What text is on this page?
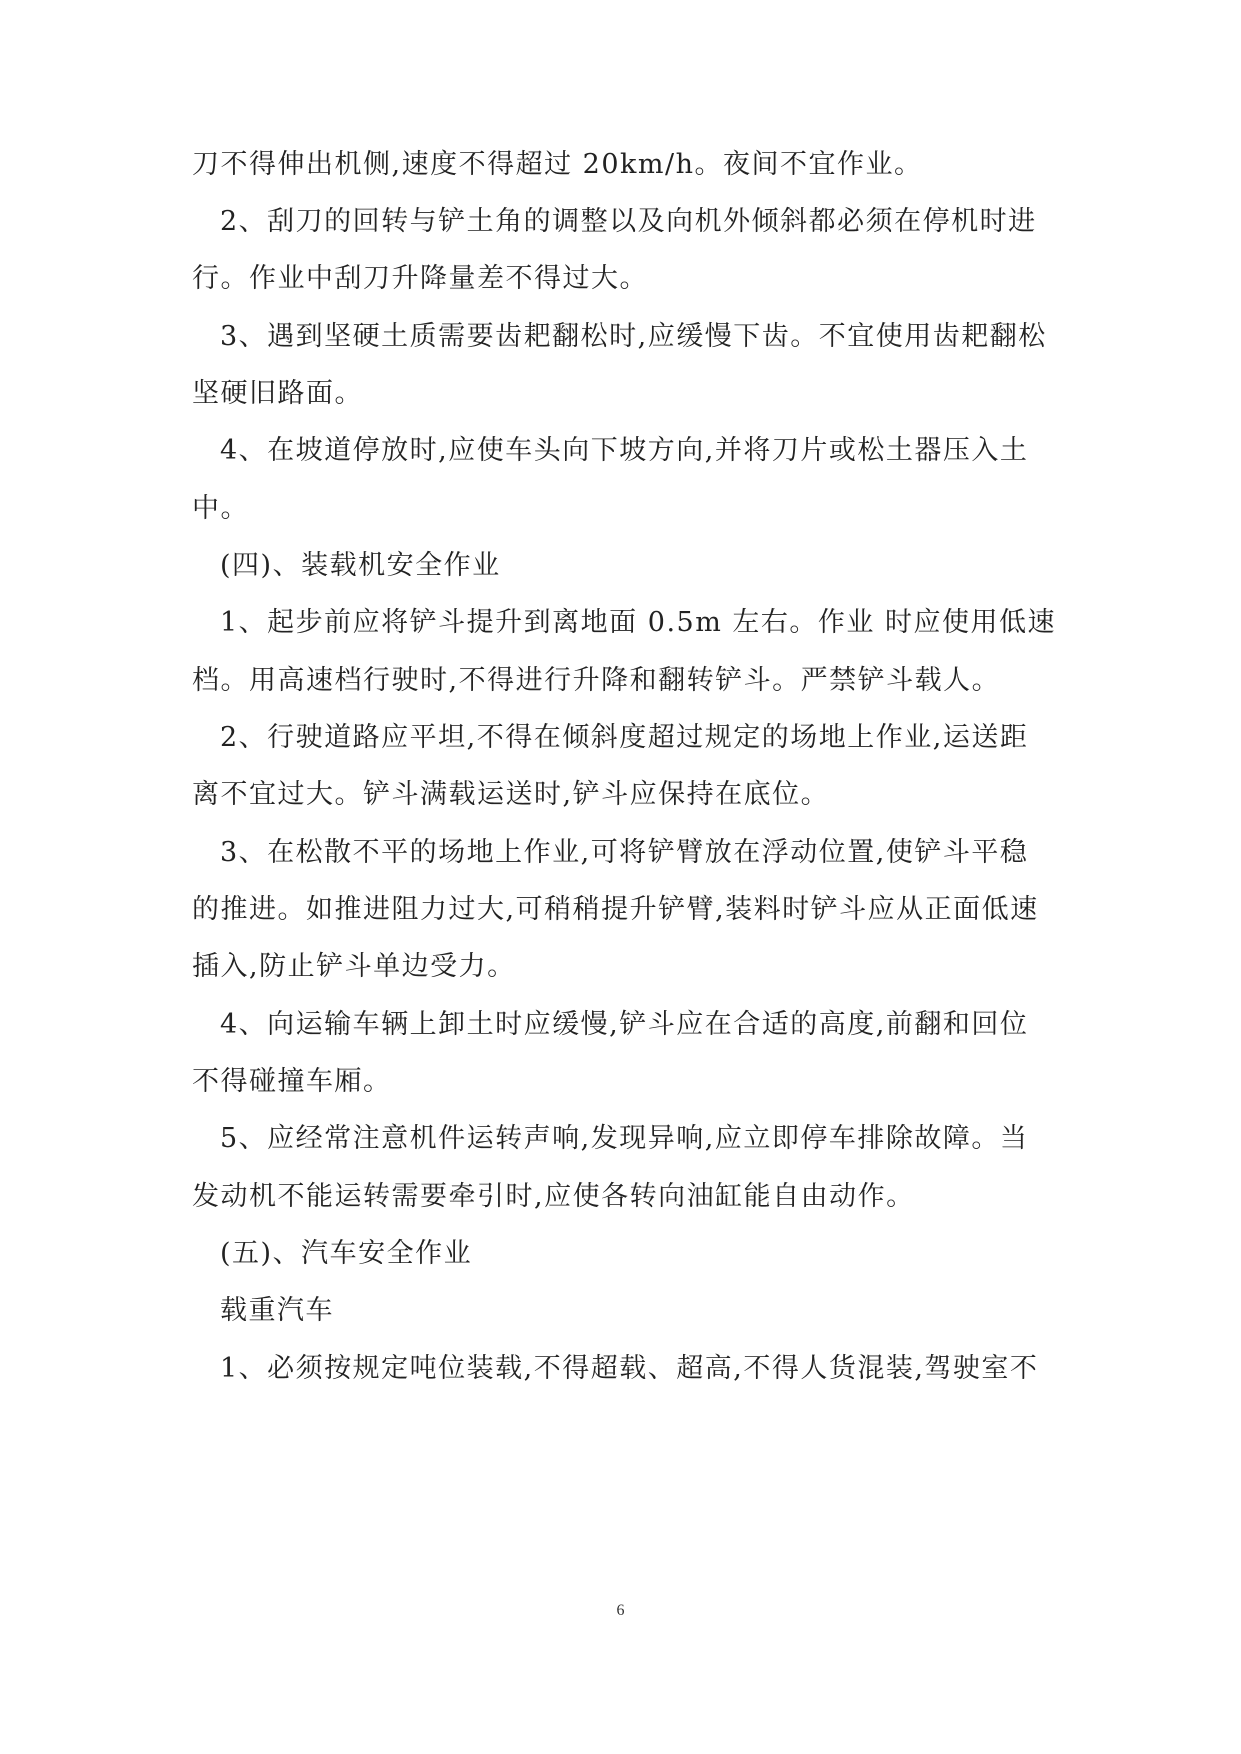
刀不得伸出机侧,速度不得超过 20km/h。夜间不宜作业。
2、刮刀的回转与铲土角的调整以及向机外倾斜都必须在停机时进
行。作业中刮刀升降量差不得过大。
3、遇到坚硬土质需要齿耙翻松时,应缓慢下齿。不宜使用齿耙翻松
坚硬旧路面。
4、在坡道停放时,应使车头向下坡方向,并将刀片或松土器压入土
中。
(四)、装载机安全作业
1、起步前应将铲斗提升到离地面 0.5m 左右。作业 时应使用低速
档。用高速档行驶时,不得进行升降和翻转铲斗。严禁铲斗载人。
2、行驶道路应平坦,不得在倾斜度超过规定的场地上作业,运送距
离不宜过大。铲斗满载运送时,铲斗应保持在底位。
3、在松散不平的场地上作业,可将铲臂放在浮动位置,使铲斗平稳
的推进。如推进阻力过大,可稍稍提升铲臂,装料时铲斗应从正面低速
插入,防止铲斗单边受力。
4、向运输车辆上卸土时应缓慢,铲斗应在合适的高度,前翻和回位
不得碰撞车厢。
5、应经常注意机件运转声响,发现异响,应立即停车排除故障。当
发动机不能运转需要牵引时,应使各转向油缸能自由动作。
(五)、汽车安全作业
载重汽车
1、必须按规定吨位装载,不得超载、超高,不得人货混装,驾驶室不
6
